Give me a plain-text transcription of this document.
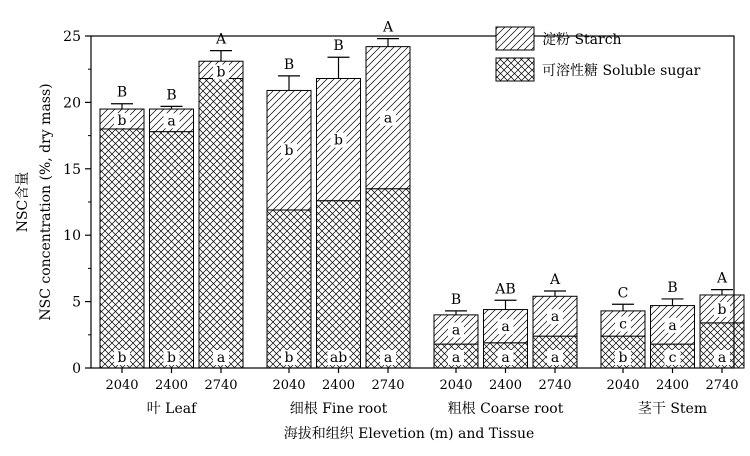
B
b
b
B
a
b
A
b
a
B
b
b
B
b
ab
A
a
a
B
a
a
AB
a
a
A
a
a
C
c
b
B
a
c
A
b
a
0
5
10
15
20
25
2040 2400 2740
叶 Leaf
2040 2400 2740
细根 Fine root
2040 2400 2740
粗根 Coarse root
2040 2400 2740
茎干 Stem
NSC含量 NSC concentration (%, dry mass)
海拔和组织 Elevetion (m) and Tissue
淀粉 Starch
可溶性糖 Soluble sugar
